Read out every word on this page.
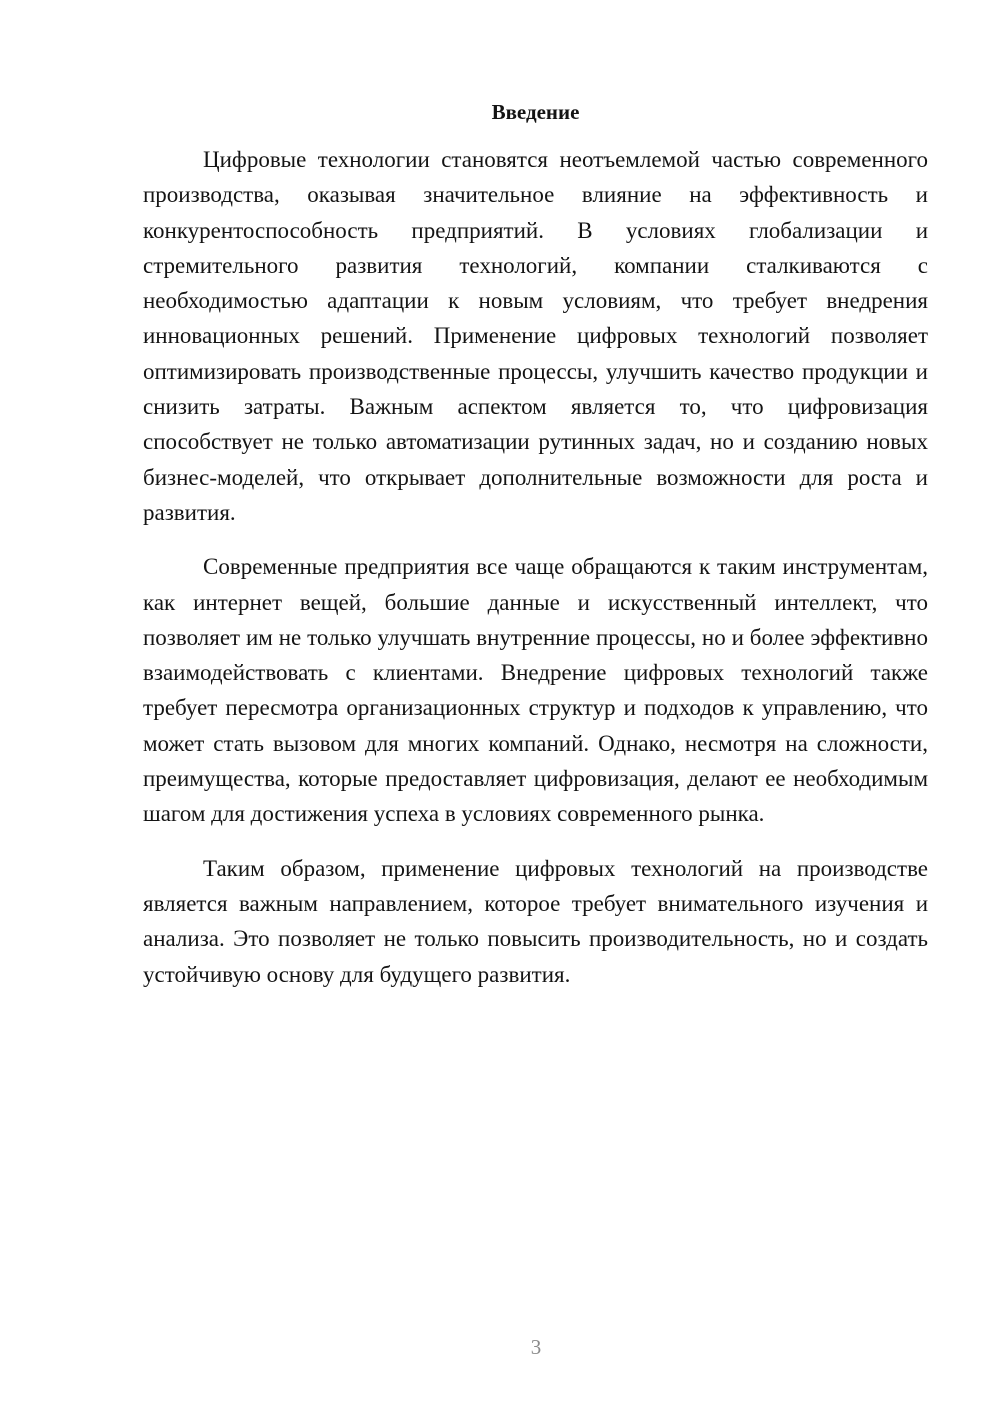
Введение

Цифровые технологии становятся неотъемлемой частью современного производства, оказывая значительное влияние на эффективность и конкурентоспособность предприятий. В условиях глобализации и стремительного развития технологий, компании сталкиваются с необходимостью адаптации к новым условиям, что требует внедрения инновационных решений. Применение цифровых технологий позволяет оптимизировать производственные процессы, улучшить качество продукции и снизить затраты. Важным аспектом является то, что цифровизация способствует не только автоматизации рутинных задач, но и созданию новых бизнес-моделей, что открывает дополнительные возможности для роста и развития.

Современные предприятия все чаще обращаются к таким инструментам, как интернет вещей, большие данные и искусственный интеллект, что позволяет им не только улучшать внутренние процессы, но и более эффективно взаимодействовать с клиентами. Внедрение цифровых технологий также требует пересмотра организационных структур и подходов к управлению, что может стать вызовом для многих компаний. Однако, несмотря на сложности, преимущества, которые предоставляет цифровизация, делают ее необходимым шагом для достижения успеха в условиях современного рынка.

Таким образом, применение цифровых технологий на производстве является важным направлением, которое требует внимательного изучения и анализа. Это позволяет не только повысить производительность, но и создать устойчивую основу для будущего развития.

3
